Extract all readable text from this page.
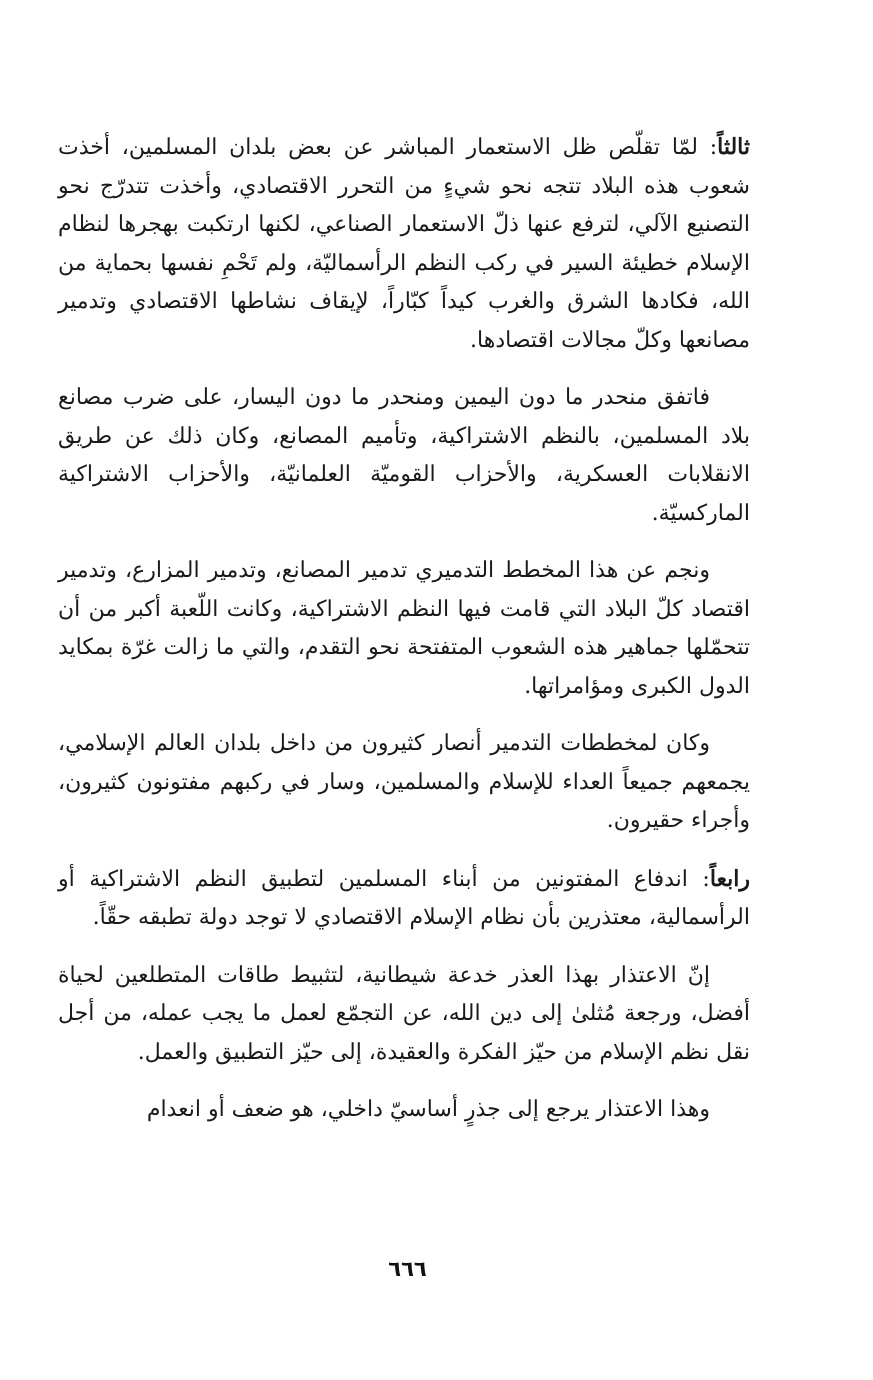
ثالثاً: لمّا تقلّص ظل الاستعمار المباشر عن بعض بلدان المسلمين، أخذت شعوب هذه البلاد تتجه نحو شيءٍ من التحرر الاقتصادي، وأخذت تتدرّج نحو التصنيع الآلي، لترفع عنها ذلّ الاستعمار الصناعي، لكنها ارتكبت بهجرها لنظام الإسلام خطيئة السير في ركب النظم الرأسماليّة، ولم تَحْمِ نفسها بحماية من الله، فكادها الشرق والغرب كيداً كبّاراً، لإيقاف نشاطها الاقتصادي وتدمير مصانعها وكلّ مجالات اقتصادها.

فاتفق منحدر ما دون اليمين ومنحدر ما دون اليسار، على ضرب مصانع بلاد المسلمين، بالنظم الاشتراكية، وتأميم المصانع، وكان ذلك عن طريق الانقلابات العسكرية، والأحزاب القوميّة العلمانيّة، والأحزاب الاشتراكية الماركسيّة.

ونجم عن هذا المخطط التدميري تدمير المصانع، وتدمير المزارع، وتدمير اقتصاد كلّ البلاد التي قامت فيها النظم الاشتراكية، وكانت اللّعبة أكبر من أن تتحمّلها جماهير هذه الشعوب المتفتحة نحو التقدم، والتي ما زالت غرّة بمكايد الدول الكبرى ومؤامراتها.

وكان لمخططات التدمير أنصار كثيرون من داخل بلدان العالم الإسلامي، يجمعهم جميعاً العداء للإسلام والمسلمين، وسار في ركبهم مفتونون كثيرون، وأجراء حقيرون.

رابعاً: اندفاع المفتونين من أبناء المسلمين لتطبيق النظم الاشتراكية أو الرأسمالية، معتذرين بأن نظام الإسلام الاقتصادي لا توجد دولة تطبقه حقّاً.

إنّ الاعتذار بهذا العذر خدعة شيطانية، لتثبيط طاقات المتطلعين لحياة أفضل، ورجعة مُثلىٰ إلى دين الله، عن التجمّع لعمل ما يجب عمله، من أجل نقل نظم الإسلام من حيّز الفكرة والعقيدة، إلى حيّز التطبيق والعمل.

وهذا الاعتذار يرجع إلى جذرٍ أساسيّ داخلي، هو ضعف أو انعدام

٦٦٦
